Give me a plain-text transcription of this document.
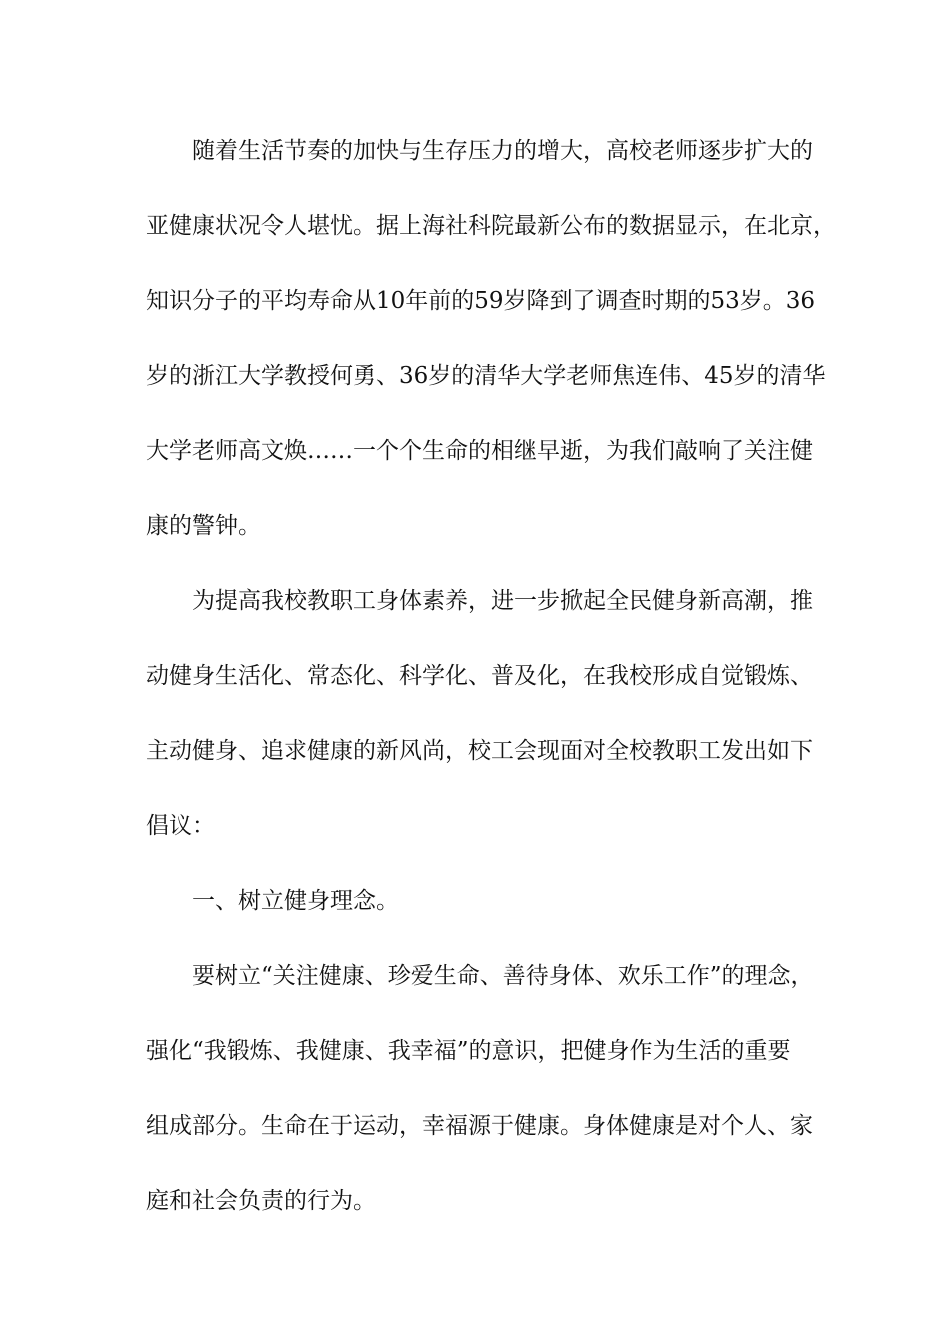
随着生活节奏的加快与生存压力的增大，高校老师逐步扩大的
亚健康状况令人堪忧。据上海社科院最新公布的数据显示，在北京，
知识分子的平均寿命从10年前的59岁降到了调查时期的53岁。36
岁的浙江大学教授何勇、36岁的清华大学老师焦连伟、45岁的清华
大学老师高文焕……一个个生命的相继早逝，为我们敲响了关注健
康的警钟。
为提高我校教职工身体素养，进一步掀起全民健身新高潮，推
动健身生活化、常态化、科学化、普及化，在我校形成自觉锻炼、
主动健身、追求健康的新风尚，校工会现面对全校教职工发出如下
倡议：
一、树立健身理念。
要树立“关注健康、珍爱生命、善待身体、欢乐工作”的理念，
强化“我锻炼、我健康、我幸福”的意识，把健身作为生活的重要
组成部分。生命在于运动，幸福源于健康。身体健康是对个人、家
庭和社会负责的行为。
